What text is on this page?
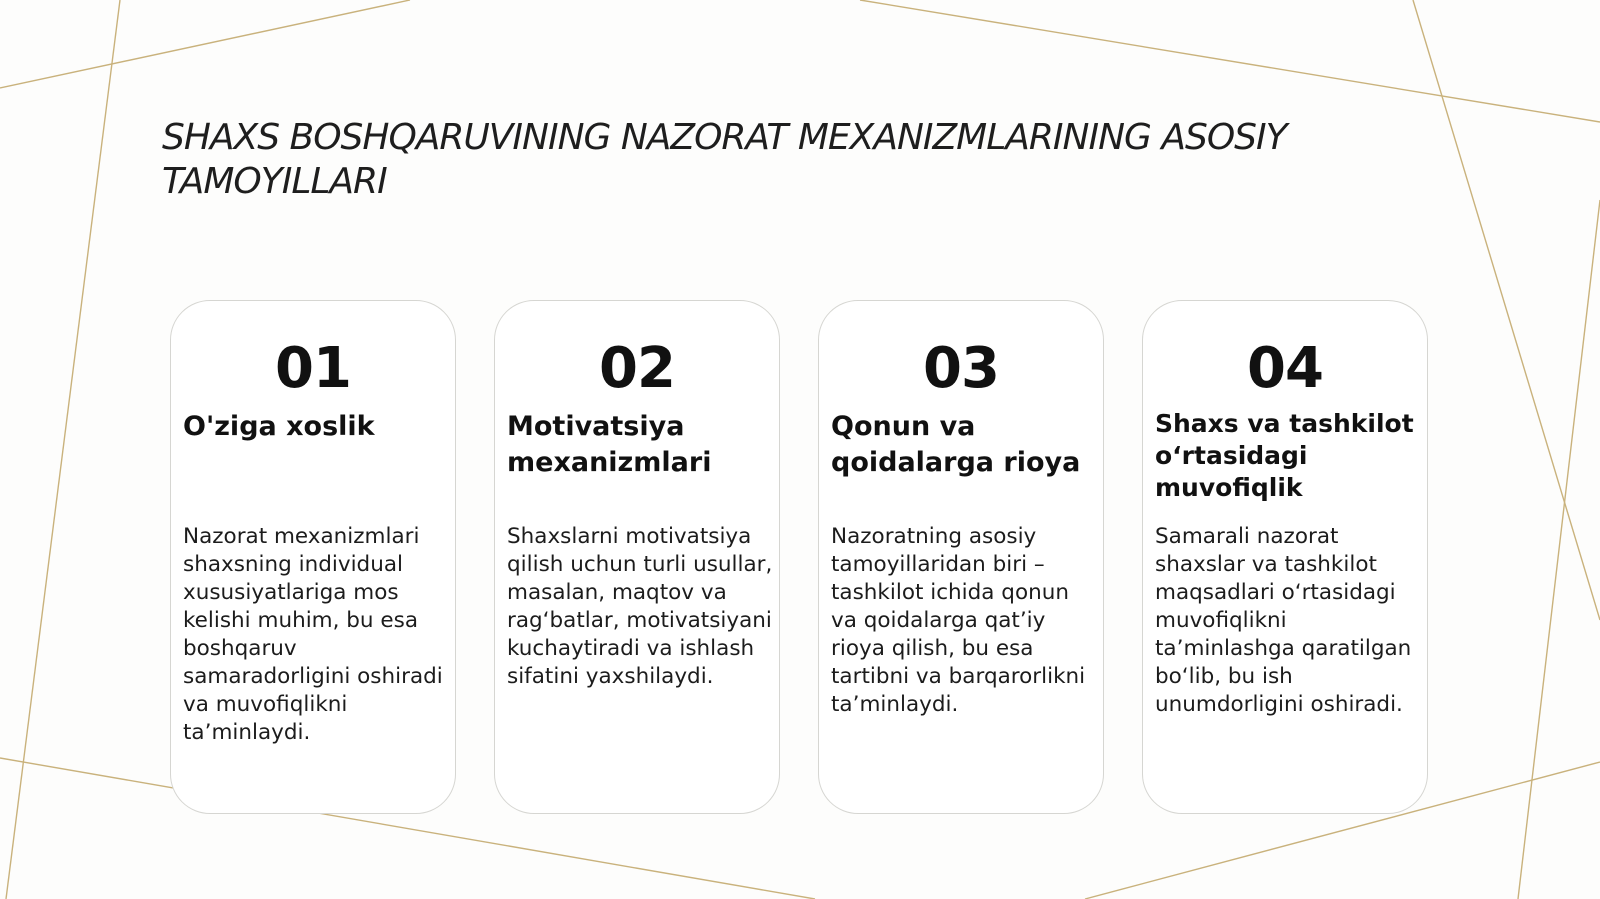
SHAXS BOSHQARUVINING NAZORAT MEXANIZMLARINING ASOSIY TAMOYILLARI
01
O'ziga xoslik
Nazorat mexanizmlari shaxsning individual xususiyatlariga mos kelishi muhim, bu esa boshqaruv samaradorligini oshiradi va muvofiqlikni ta’minlaydi.
02
Motivatsiya mexanizmlari
Shaxslarni motivatsiya qilish uchun turli usullar, masalan, maqtov va rag‘batlar, motivatsiyani kuchaytiradi va ishlash sifatini yaxshilaydi.
03
Qonun va qoidalarga rioya
Nazoratning asosiy tamoyillaridan biri – tashkilot ichida qonun va qoidalarga qat’iy rioya qilish, bu esa tartibni va barqarorlikni ta’minlaydi.
04
Shaxs va tashkilot o‘rtasidagi muvofiqlik
Samarali nazorat shaxslar va tashkilot maqsadlari o‘rtasidagi muvofiqlikni ta’minlashga qaratilgan bo‘lib, bu ish unumdorligini oshiradi.
